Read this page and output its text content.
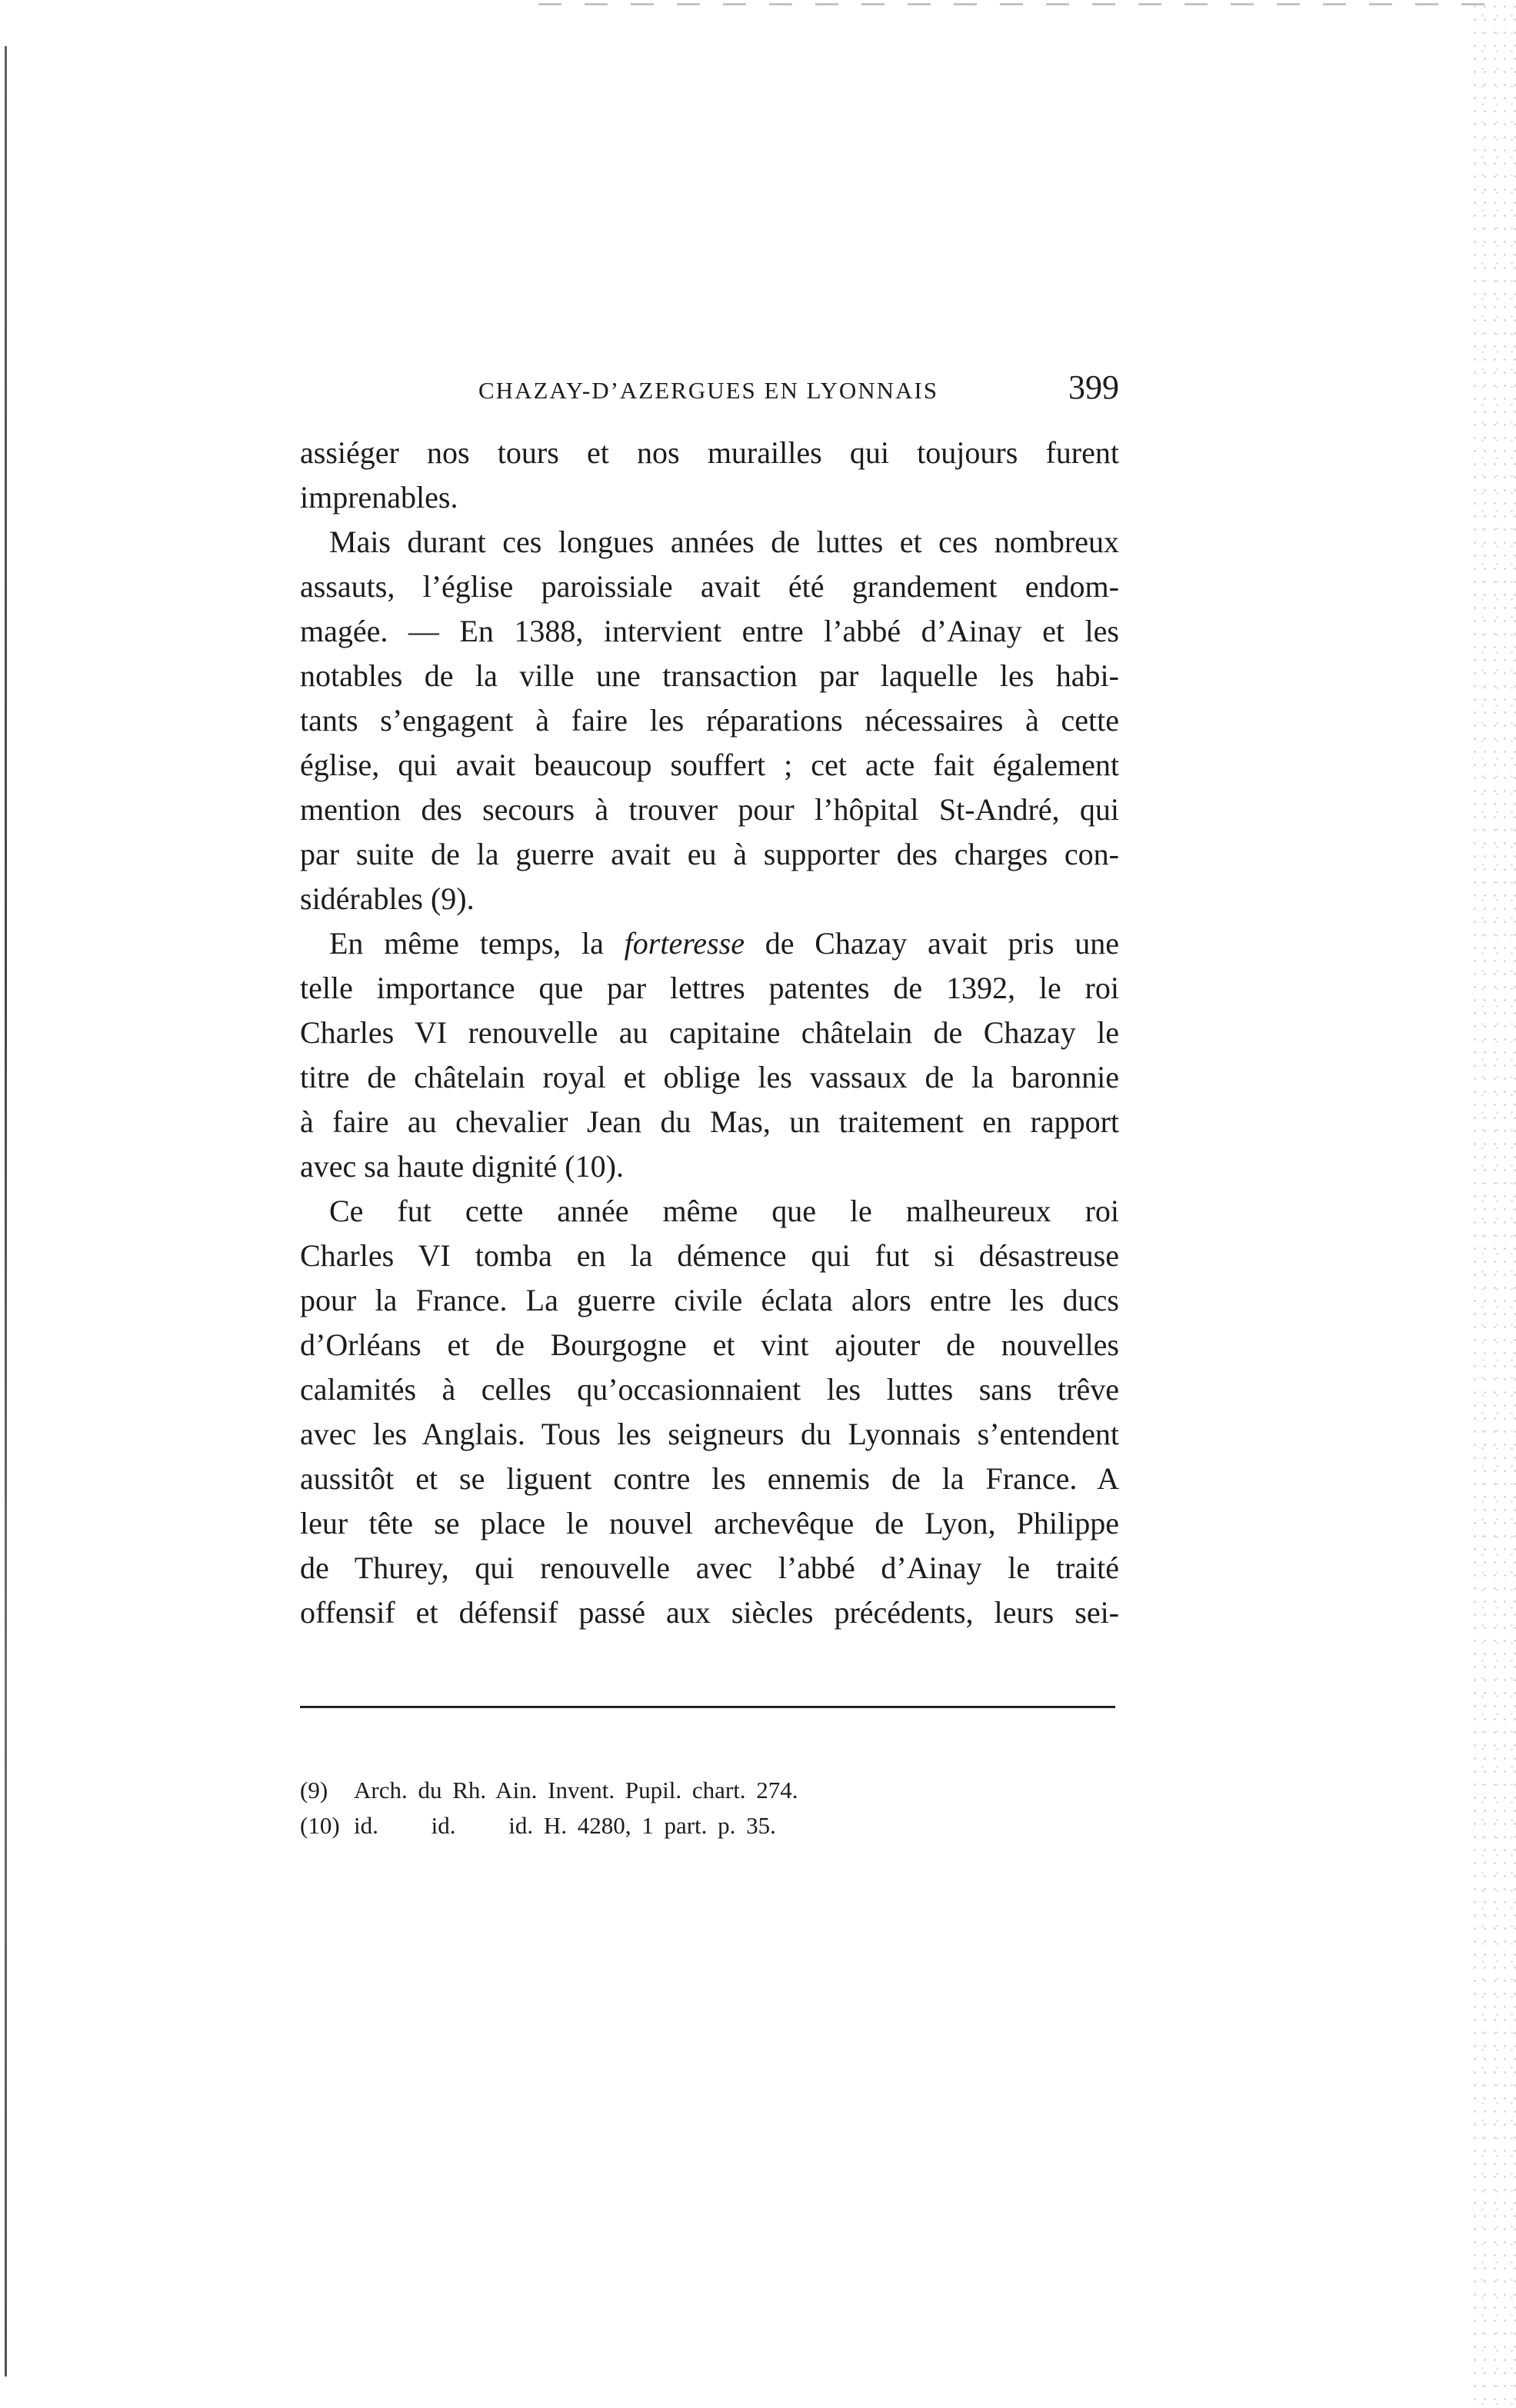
CHAZAY-D’AZERGUES EN LYONNAIS	399
assiéger nos tours et nos murailles qui toujours furent
imprenables.
Mais durant ces longues années de luttes et ces nombreux
assauts, l’église paroissiale avait été grandement endom-
magée. — En 1388, intervient entre l’abbé d’Ainay et les
notables de la ville une transaction par laquelle les habi-
tants s’engagent à faire les réparations nécessaires à cette
église, qui avait beaucoup souffert ; cet acte fait également
mention des secours à trouver pour l’hôpital St-André, qui
par suite de la guerre avait eu à supporter des charges con-
sidérables (9).
En même temps, la forteresse de Chazay avait pris une
telle importance que par lettres patentes de 1392, le roi
Charles VI renouvelle au capitaine châtelain de Chazay le
titre de châtelain royal et oblige les vassaux de la baronnie
à faire au chevalier Jean du Mas, un traitement en rapport
avec sa haute dignité (10).
Ce fut cette année même que le malheureux roi
Charles VI tomba en la démence qui fut si désastreuse
pour la France. La guerre civile éclata alors entre les ducs
d’Orléans et de Bourgogne et vint ajouter de nouvelles
calamités à celles qu’occasionnaient les luttes sans trêve
avec les Anglais. Tous les seigneurs du Lyonnais s’entendent
aussitôt et se liguent contre les ennemis de la France. A
leur tête se place le nouvel archevêque de Lyon, Philippe
de Thurey, qui renouvelle avec l’abbé d’Ainay le traité
offensif et défensif passé aux siècles précédents, leurs sei-
(9) Arch. du Rh. Ain. Invent. Pupil. chart. 274.
(10) id.     id.     id. H. 4280, 1 part. p. 35.
